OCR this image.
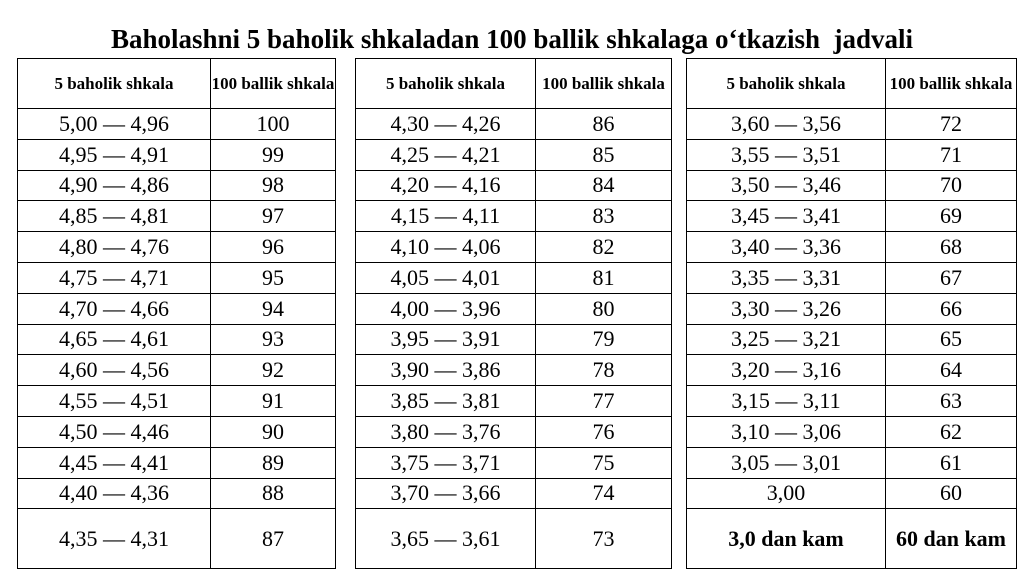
Baholashni 5 baholik shkaladan 100 ballik shkalaga o‘tkazish  jadvali
5 baholik shkala	100 ballik shkala
5,00 — 4,96	100
4,95 — 4,91	99
4,90 — 4,86	98
4,85 — 4,81	97
4,80 — 4,76	96
4,75 — 4,71	95
4,70 — 4,66	94
4,65 — 4,61	93
4,60 — 4,56	92
4,55 — 4,51	91
4,50 — 4,46	90
4,45 — 4,41	89
4,40 — 4,36	88
4,35 — 4,31	87
5 baholik shkala	100 ballik shkala
4,30 — 4,26	86
4,25 — 4,21	85
4,20 — 4,16	84
4,15 — 4,11	83
4,10 — 4,06	82
4,05 — 4,01	81
4,00 — 3,96	80
3,95 — 3,91	79
3,90 — 3,86	78
3,85 — 3,81	77
3,80 — 3,76	76
3,75 — 3,71	75
3,70 — 3,66	74
3,65 — 3,61	73
5 baholik shkala	100 ballik shkala
3,60 — 3,56	72
3,55 — 3,51	71
3,50 — 3,46	70
3,45 — 3,41	69
3,40 — 3,36	68
3,35 — 3,31	67
3,30 — 3,26	66
3,25 — 3,21	65
3,20 — 3,16	64
3,15 — 3,11	63
3,10 — 3,06	62
3,05 — 3,01	61
3,00	60
3,0 dan kam	60 dan kam
